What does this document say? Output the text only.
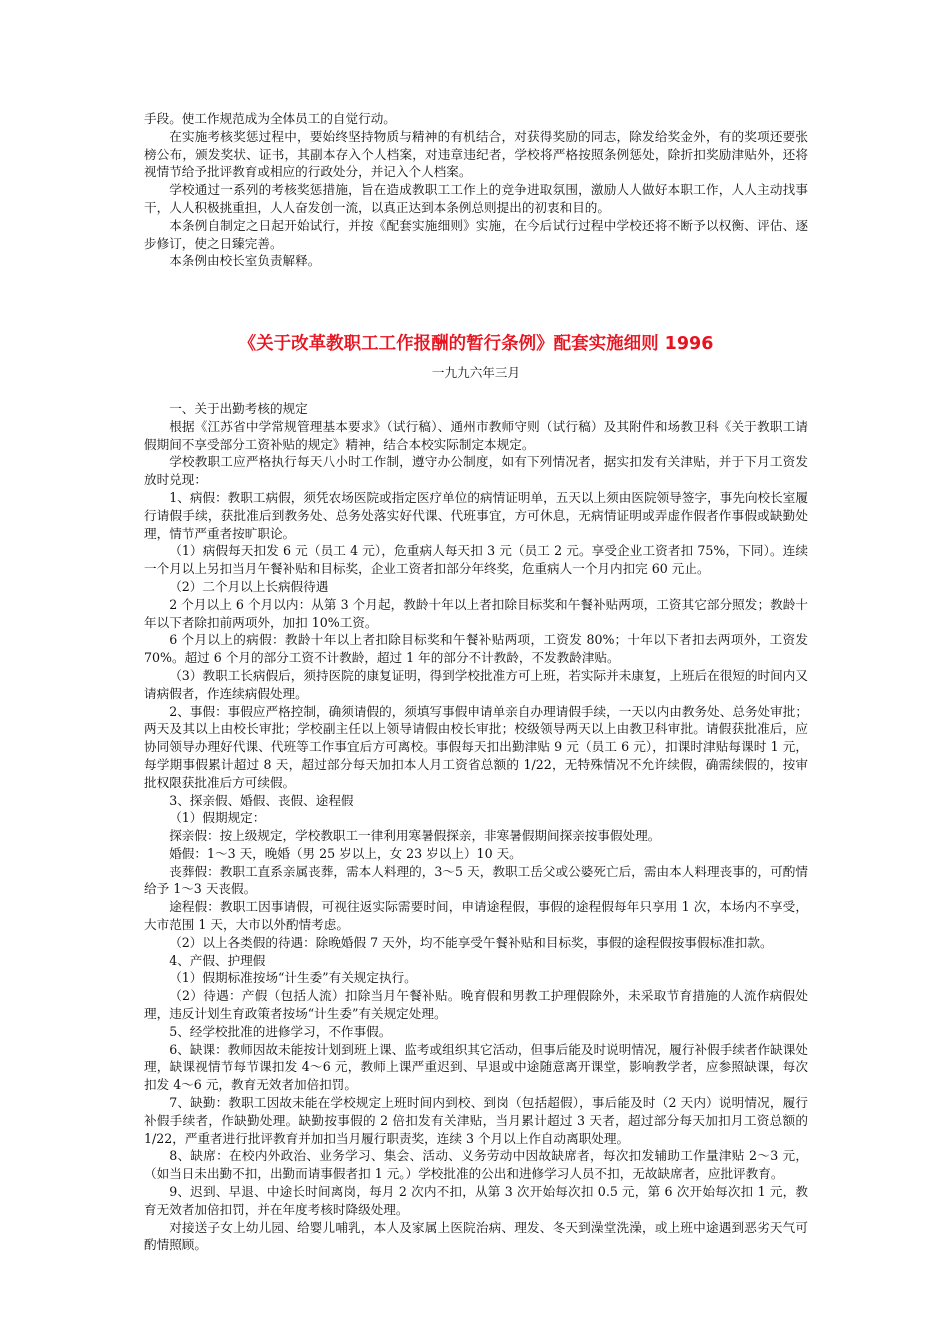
手段。使工作规范成为全体员工的自觉行动。

在实施考核奖惩过程中，要始终坚持物质与精神的有机结合，对获得奖励的同志，除发给奖金外，有的奖项还要张榜公布，颁发奖状、证书，其副本存入个人档案，对违章违纪者，学校将严格按照条例惩处，除折扣奖励津贴外，还将视情节给予批评教育或相应的行政处分，并记入个人档案。

学校通过一系列的考核奖惩措施，旨在造成教职工工作上的竞争进取氛围，激励人人做好本职工作，人人主动找事干，人人积极挑重担，人人奋发创一流，以真正达到本条例总则提出的初衷和目的。

本条例自制定之日起开始试行，并按《配套实施细则》实施，在今后试行过程中学校还将不断予以权衡、评估、逐步修订，使之日臻完善。

本条例由校长室负责解释。

《关于改革教职工工作报酬的暂行条例》配套实施细则 1996
一九九六年三月

一、关于出勤考核的规定

根据《江苏省中学常规管理基本要求》（试行稿）、通州市教师守则（试行稿）及其附件和场教卫科《关于教职工请假期间不享受部分工资补贴的规定》精神，结合本校实际制定本规定。

学校教职工应严格执行每天八小时工作制，遵守办公制度，如有下列情况者，据实扣发有关津贴，并于下月工资发放时兑现：

1、病假：教职工病假，须凭农场医院或指定医疗单位的病情证明单，五天以上须由医院领导签字，事先向校长室履行请假手续，获批准后到教务处、总务处落实好代课、代班事宜，方可休息，无病情证明或弄虚作假者作事假或缺勤处理，情节严重者按旷职论。

（1）病假每天扣发 6 元（员工 4 元），危重病人每天扣 3 元（员工 2 元。享受企业工资者扣 75%，下同）。连续一个月以上另扣当月午餐补贴和目标奖，企业工资者扣部分年终奖，危重病人一个月内扣完 60 元止。

（2）二个月以上长病假待遇

2 个月以上 6 个月以内：从第 3 个月起，教龄十年以上者扣除目标奖和午餐补贴两项，工资其它部分照发；教龄十年以下者除扣前两项外，加扣 10%工资。

6 个月以上的病假：教龄十年以上者扣除目标奖和午餐补贴两项，工资发 80%；十年以下者扣去两项外，工资发 70%。超过 6 个月的部分工资不计教龄，超过 1 年的部分不计教龄，不发教龄津贴。

（3）教职工长病假后，须持医院的康复证明，得到学校批准方可上班，若实际并未康复，上班后在很短的时间内又请病假者，作连续病假处理。

2、事假：事假应严格控制，确须请假的，须填写事假申请单亲自办理请假手续，一天以内由教务处、总务处审批；两天及其以上由校长审批；学校副主任以上领导请假由校长审批；校级领导两天以上由教卫科审批。请假获批准后，应协同领导办理好代课、代班等工作事宜后方可离校。事假每天扣出勤津贴 9 元（员工 6 元），扣课时津贴每课时 1 元，每学期事假累计超过 8 天，超过部分每天加扣本人月工资省总额的 1/22，无特殊情况不允许续假，确需续假的，按审批权限获批准后方可续假。

3、探亲假、婚假、丧假、途程假

（1）假期规定：

探亲假：按上级规定，学校教职工一律利用寒暑假探亲，非寒暑假期间探亲按事假处理。

婚假：1～3 天，晚婚（男 25 岁以上，女 23 岁以上）10 天。

丧葬假：教职工直系亲属丧葬，需本人料理的，3～5 天，教职工岳父或公婆死亡后，需由本人料理丧事的，可酌情给予 1～3 天丧假。

途程假：教职工因事请假，可视往返实际需要时间，申请途程假，事假的途程假每年只享用 1 次，本场内不享受，大市范围 1 天，大市以外酌情考虑。

（2）以上各类假的待遇：除晚婚假 7 天外，均不能享受午餐补贴和目标奖，事假的途程假按事假标准扣款。

4、产假、护理假

（1）假期标准按场“计生委”有关规定执行。

（2）待遇：产假（包括人流）扣除当月午餐补贴。晚育假和男教工护理假除外，未采取节育措施的人流作病假处理，违反计划生育政策者按场“计生委”有关规定处理。

5、经学校批准的进修学习，不作事假。

6、缺课：教师因故未能按计划到班上课、监考或组织其它活动，但事后能及时说明情况，履行补假手续者作缺课处理，缺课视情节每节课扣发 4～6 元，教师上课严重迟到、早退或中途随意离开课堂，影响教学者，应参照缺课，每次扣发 4～6 元，教育无效者加倍扣罚。

7、缺勤：教职工因故未能在学校规定上班时间内到校、到岗（包括超假），事后能及时（2 天内）说明情况，履行补假手续者，作缺勤处理。缺勤按事假的 2 倍扣发有关津贴，当月累计超过 3 天者，超过部分每天加扣月工资总额的 1/22，严重者进行批评教育并加扣当月履行职责奖，连续 3 个月以上作自动离职处理。

8、缺席：在校内外政治、业务学习、集会、活动、义务劳动中因故缺席者，每次扣发辅助工作量津贴 2～3 元，（如当日未出勤不扣，出勤而请事假者扣 1 元。）学校批准的公出和进修学习人员不扣，无故缺席者，应批评教育。

9、迟到、早退、中途长时间离岗，每月 2 次内不扣，从第 3 次开始每次扣 0.5 元，第 6 次开始每次扣 1 元，教育无效者加倍扣罚，并在年度考核时降级处理。

对接送子女上幼儿园、给婴儿哺乳，本人及家属上医院治病、理发、冬天到澡堂洗澡，或上班中途遇到恶劣天气可酌情照顾。
